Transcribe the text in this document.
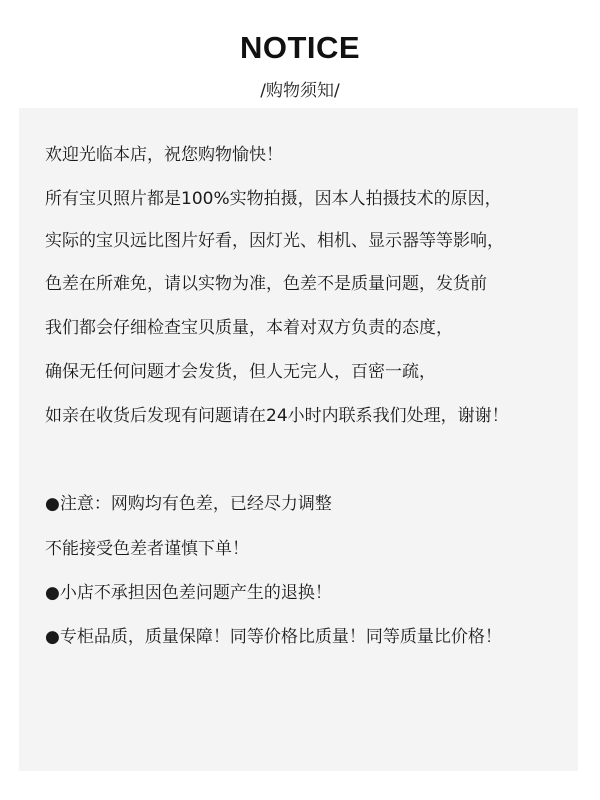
NOTICE

/购物须知/

欢迎光临本店，祝您购物愉快！
所有宝贝照片都是100%实物拍摄，因本人拍摄技术的原因，
实际的宝贝远比图片好看，因灯光、相机、显示器等等影响，
色差在所难免，请以实物为准，色差不是质量问题，发货前
我们都会仔细检查宝贝质量，本着对双方负责的态度，
确保无任何问题才会发货，但人无完人，百密一疏，
如亲在收货后发现有问题请在24小时内联系我们处理，谢谢！
●注意：网购均有色差，已经尽力调整
不能接受色差者谨慎下单！
●小店不承担因色差问题产生的退换！
●专柜品质，质量保障！同等价格比质量！同等质量比价格！
